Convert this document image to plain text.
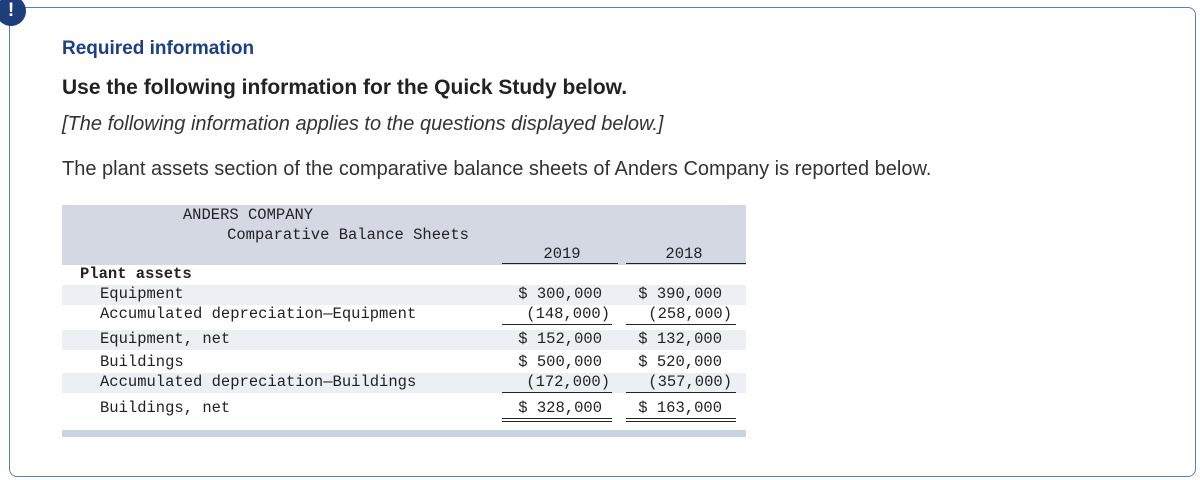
!
Required information
Use the following information for the Quick Study below.
[The following information applies to the questions displayed below.]
The plant assets section of the comparative balance sheets of Anders Company is reported below.
ANDERS COMPANY
Comparative Balance Sheets
2019	2018
Plant assets
Equipment	$ 300,000	$ 390,000
Accumulated depreciation—Equipment	(148,000)	(258,000)
Equipment, net	$ 152,000	$ 132,000
Buildings	$ 500,000	$ 520,000
Accumulated depreciation—Buildings	(172,000)	(357,000)
Buildings, net	$ 328,000	$ 163,000
